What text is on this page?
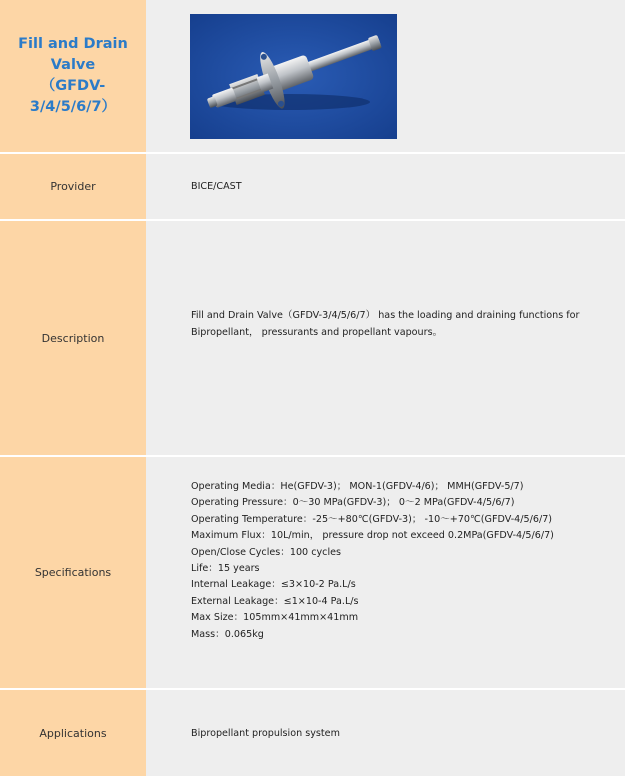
Fill and Drain
Valve
（GFDV-3/4/5/6/7）
Provider	BICE/CAST
Description
Fill and Drain Valve（GFDV-3/4/5/6/7） has the loading and draining functions for Bipropellant， pressurants and propellant vapours。
Specifications
Operating Media：He(GFDV-3)； MON-1(GFDV-4/6)； MMH(GFDV-5/7)
Operating Pressure：0～30 MPa(GFDV-3)； 0～2 MPa(GFDV-4/5/6/7)
Operating Temperature：-25～+80℃(GFDV-3)； -10～+70℃(GFDV-4/5/6/7)
Maximum Flux：10L/min， pressure drop not exceed 0.2MPa(GFDV-4/5/6/7)
Open/Close Cycles：100 cycles
Life：15 years
Internal Leakage：≤3×10-2 Pa.L/s
External Leakage：≤1×10-4 Pa.L/s
Max Size：105mm×41mm×41mm
Mass：0.065kg
Applications	Bipropellant propulsion system
